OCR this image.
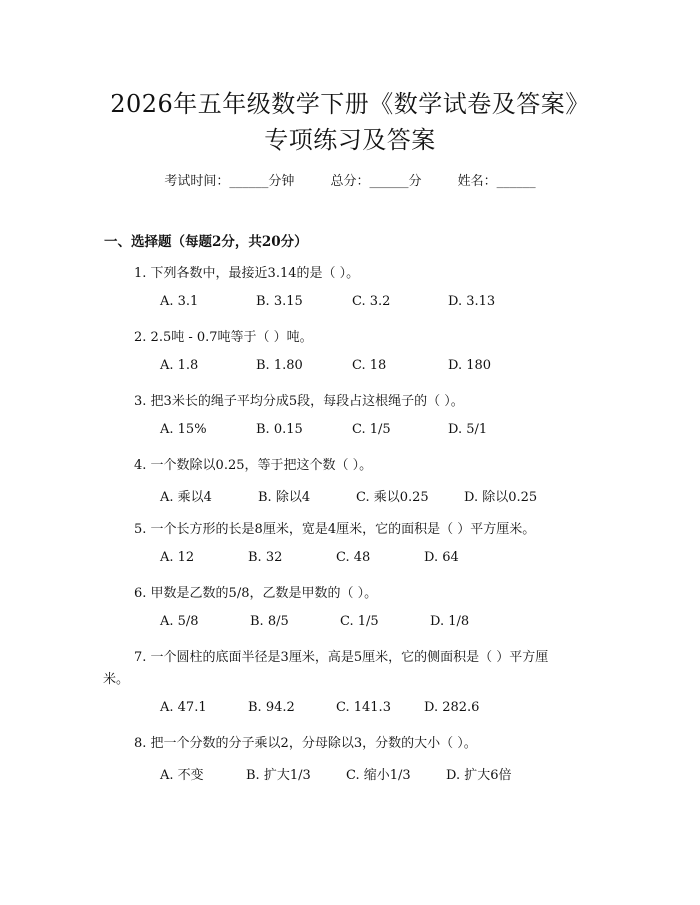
2026年五年级数学下册《数学试卷及答案》
专项练习及答案
考试时间：______分钟	总分：______分	姓名：______
一、选择题（每题2分，共20分）
1. 下列各数中，最接近3.14的是（ ）。
A. 3.1	B. 3.15	C. 3.2	D. 3.13
2. 2.5吨 - 0.7吨等于（ ）吨。
A. 1.8	B. 1.80	C. 18	D. 180
3. 把3米长的绳子平均分成5段，每段占这根绳子的（ ）。
A. 15%	B. 0.15	C. 1/5	D. 5/1
4. 一个数除以0.25，等于把这个数（ ）。
A. 乘以4	B. 除以4	C. 乘以0.25	D. 除以0.25
5. 一个长方形的长是8厘米，宽是4厘米，它的面积是（ ）平方厘米。
A. 12	B. 32	C. 48	D. 64
6. 甲数是乙数的5/8，乙数是甲数的（ ）。
A. 5/8	B. 8/5	C. 1/5	D. 1/8
7. 一个圆柱的底面半径是3厘米，高是5厘米，它的侧面积是（ ）平方厘
米。
A. 47.1	B. 94.2	C. 141.3	D. 282.6
8. 把一个分数的分子乘以2，分母除以3，分数的大小（ ）。
A. 不变	B. 扩大1/3	C. 缩小1/3	D. 扩大6倍
